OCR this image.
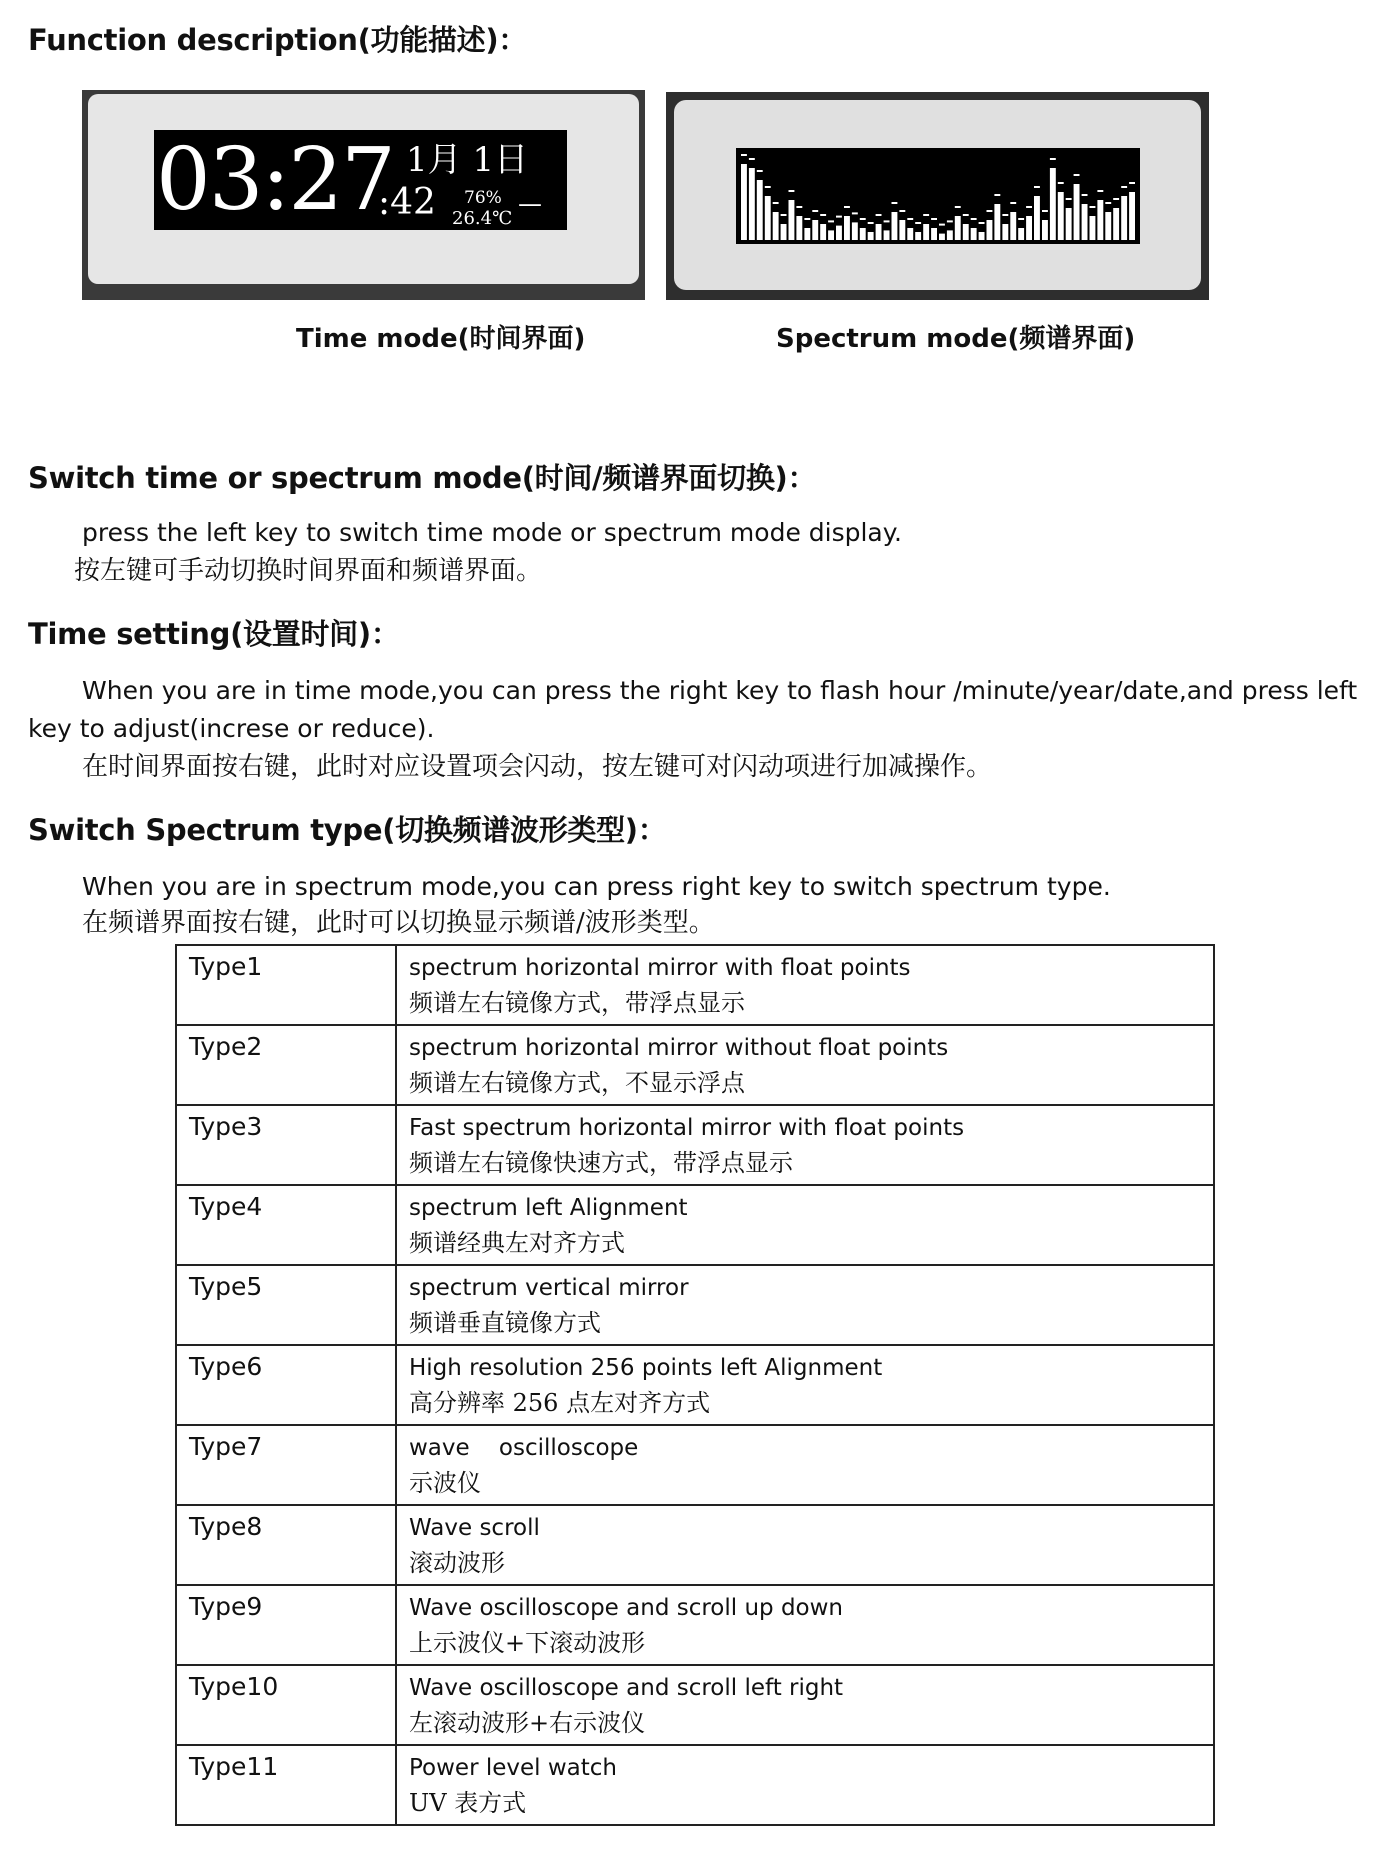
Function description(功能描述)：
03:27 1月 1日
:42 76%
26.4℃
—
Time mode(时间界面)	Spectrum mode(频谱界面)
Switch time or spectrum mode(时间/频谱界面切换)：
press the left key to switch time mode or spectrum mode display.
按左键可手动切换时间界面和频谱界面。
Time setting(设置时间)：
When you are in time mode,you can press the right key to flash hour /minute/year/date,and press left
key to adjust(increse or reduce).
在时间界面按右键，此时对应设置项会闪动，按左键可对闪动项进行加减操作。
Switch Spectrum type(切换频谱波形类型)：
When you are in spectrum mode,you can press right key to switch spectrum type.
在频谱界面按右键，此时可以切换显示频谱/波形类型。
Type1	spectrum horizontal mirror with float points
频谱左右镜像方式，带浮点显示

Type2	spectrum horizontal mirror without float points
频谱左右镜像方式，不显示浮点

Type3	Fast spectrum horizontal mirror with float points
频谱左右镜像快速方式，带浮点显示

Type4	spectrum left Alignment
频谱经典左对齐方式

Type5	spectrum vertical mirror
频谱垂直镜像方式

Type6	High resolution 256 points left Alignment
高分辨率 256 点左对齐方式

Type7	wave    oscilloscope
示波仪

Type8	Wave scroll
滚动波形

Type9	Wave oscilloscope and scroll up down
上示波仪+下滚动波形

Type10	Wave oscilloscope and scroll left right
左滚动波形+右示波仪

Type11	Power level watch
UV 表方式
